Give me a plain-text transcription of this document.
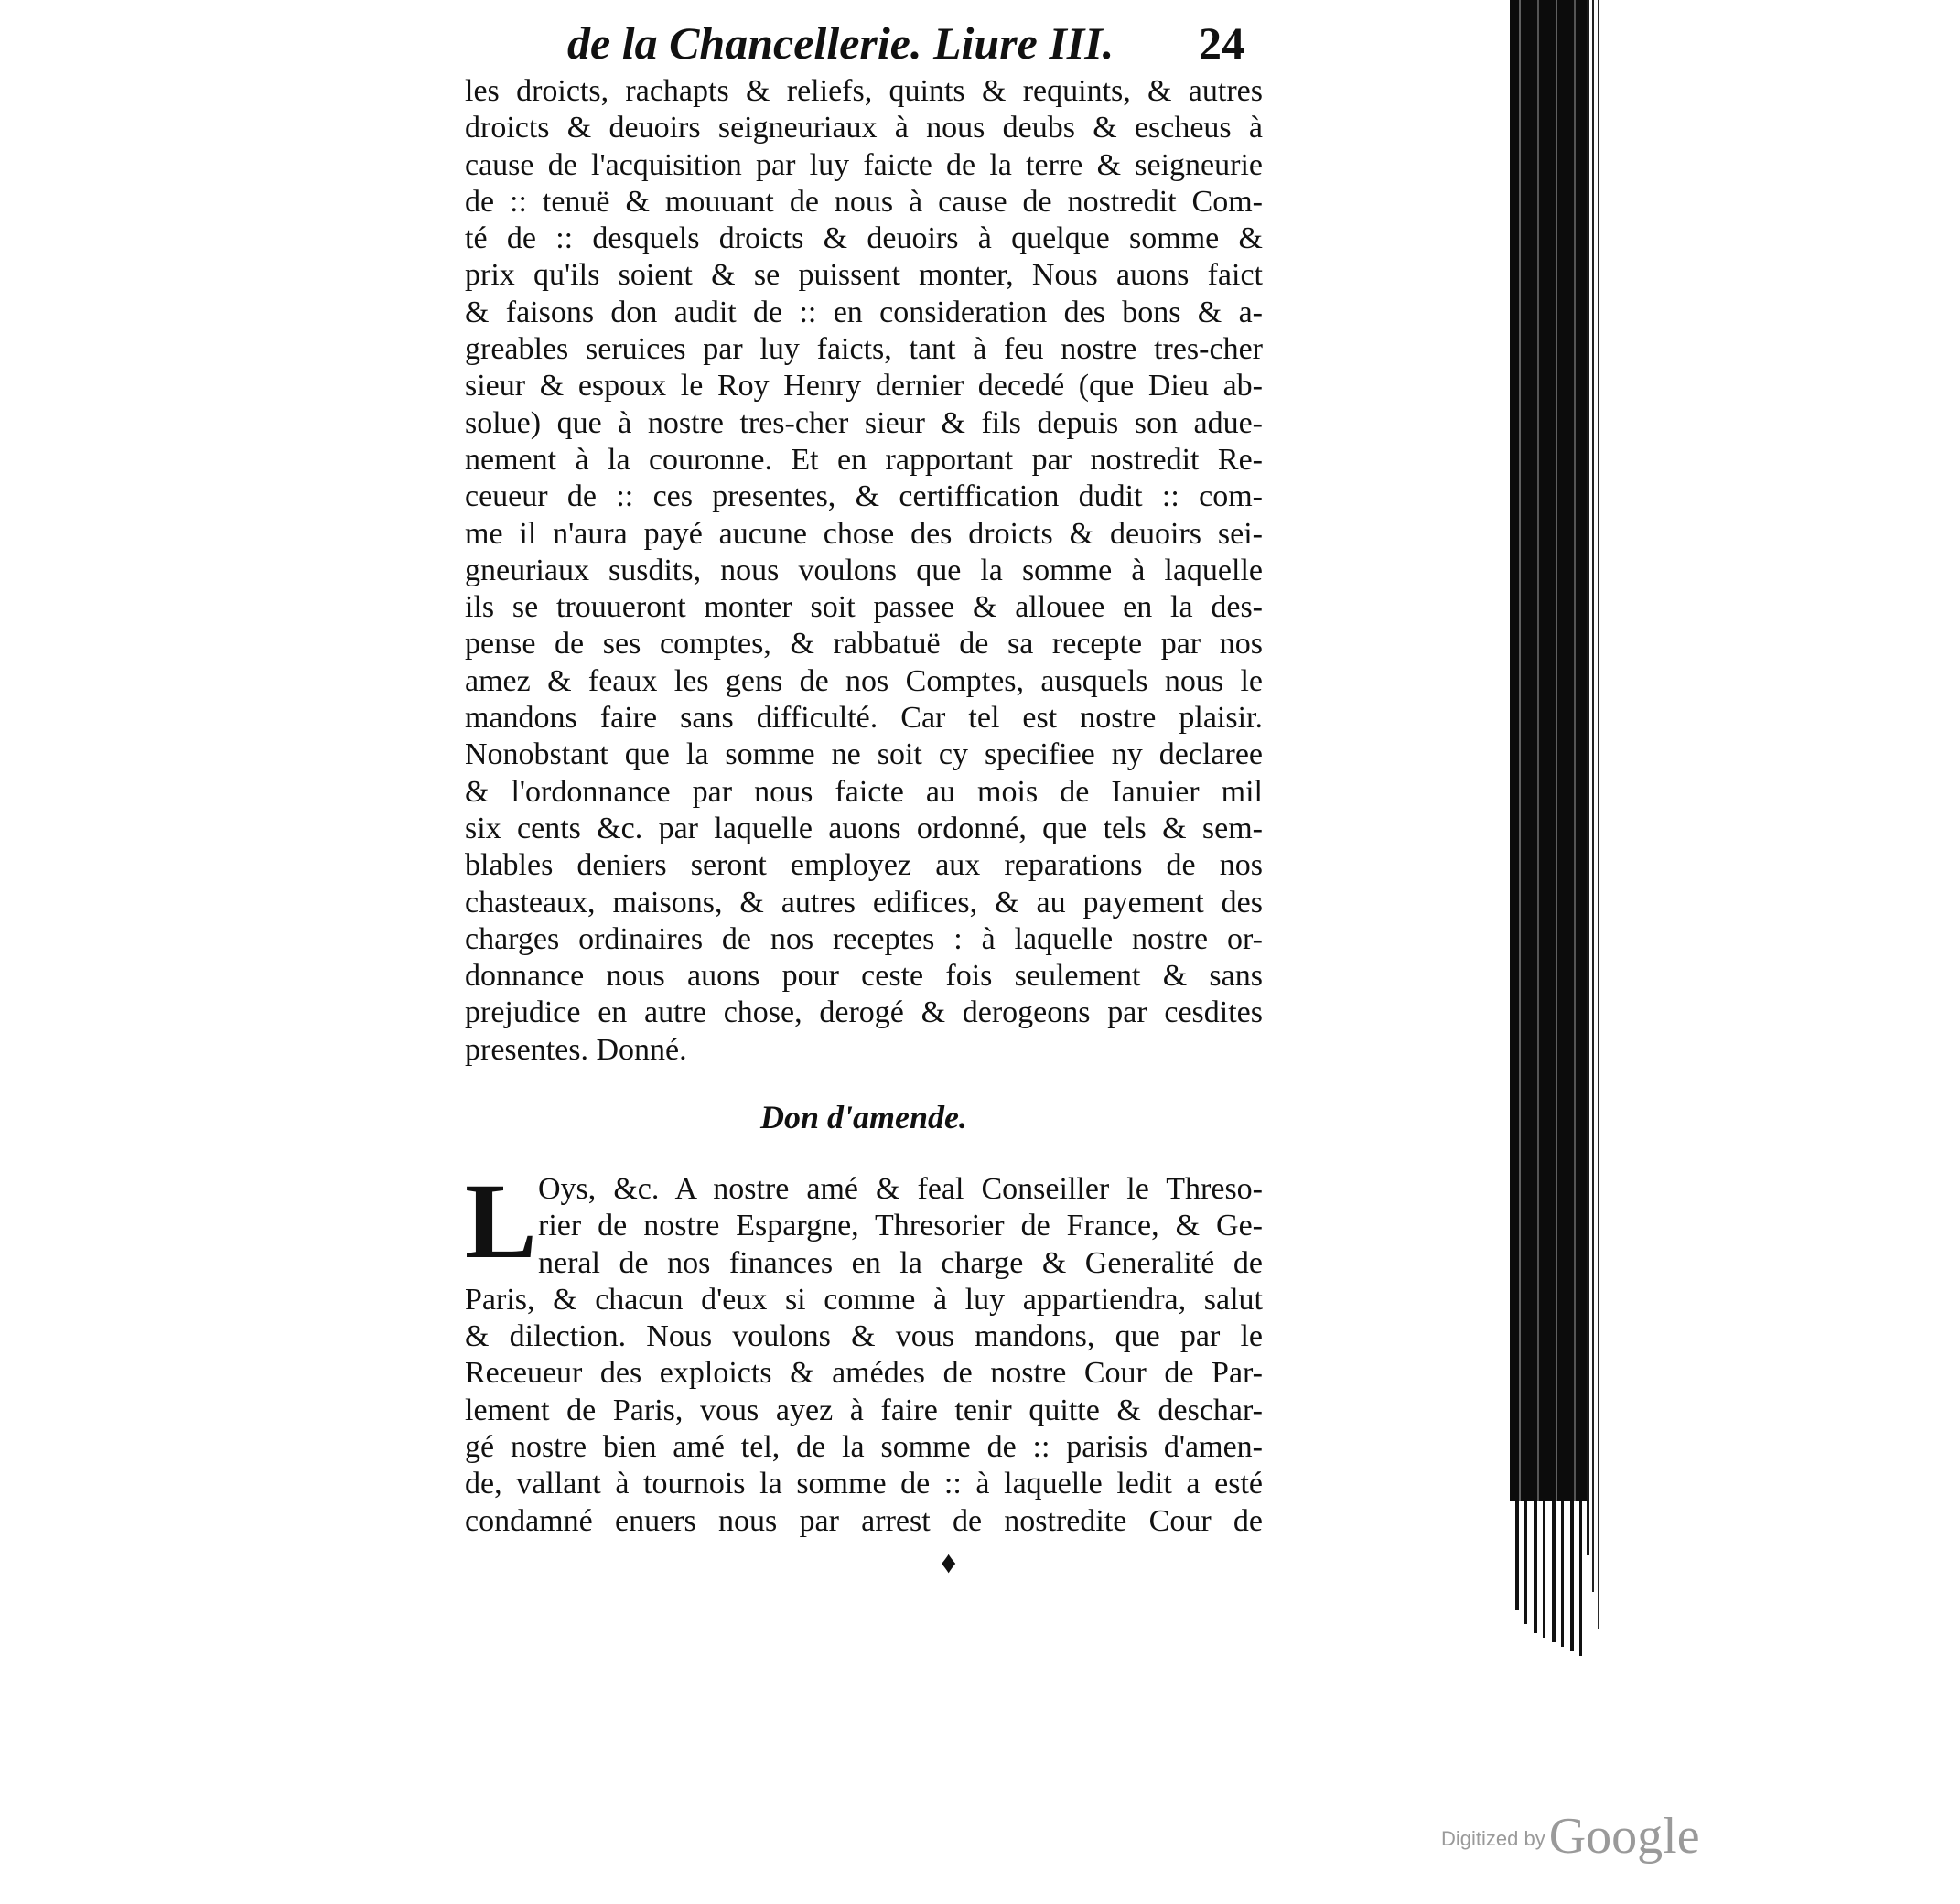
de la Chancellerie. Liure III. 24
les droicts, rachapts & reliefs, quints & requints, & autres
droicts & deuoirs seigneuriaux à nous deubs & escheus à
cause de l'acquisition par luy faicte de la terre & seigneurie
de :: tenuë & mouuant de nous à cause de nostredit Com-
té de :: desquels droicts & deuoirs à quelque somme &
prix qu'ils soient & se puissent monter, Nous auons faict
& faisons don audit de :: en consideration des bons & a-
greables seruices par luy faicts, tant à feu nostre tres-cher
sieur & espoux le Roy Henry dernier decedé (que Dieu ab-
solue) que à nostre tres-cher sieur & fils depuis son adue-
nement à la couronne. Et en rapportant par nostredit Re-
ceueur de :: ces presentes, & certiffication dudit :: com-
me il n'aura payé aucune chose des droicts & deuoirs sei-
gneuriaux susdits, nous voulons que la somme à laquelle
ils se trouueront monter soit passee & allouee en la des-
pense de ses comptes, & rabbatuë de sa recepte par nos
amez & feaux les gens de nos Comptes, ausquels nous le
mandons faire sans difficulté. Car tel est nostre plaisir.
Nonobstant que la somme ne soit cy specifiee ny declaree
& l'ordonnance par nous faicte au mois de Ianuier mil
six cents &c. par laquelle auons ordonné, que tels & sem-
blables deniers seront employez aux reparations de nos
chasteaux, maisons, & autres edifices, & au payement des
charges ordinaires de nos receptes : à laquelle nostre or-
donnance nous auons pour ceste fois seulement & sans
prejudice en autre chose, derogé & derogeons par cesdites
presentes. Donné.
Don d'amende.
L Oys, &c. A nostre amé & feal Conseiller le Threso-
rier de nostre Espargne, Thresorier de France, & Ge-
neral de nos finances en la charge & Generalité de
Paris, & chacun d'eux si comme à luy appartiendra, salut
& dilection. Nous voulons & vous mandons, que par le
Receueur des exploicts & amédes de nostre Cour de Par-
lement de Paris, vous ayez à faire tenir quitte & deschar-
gé nostre bien amé tel, de la somme de :: parisis d'amen-
de, vallant à tournois la somme de :: à laquelle ledit a esté
condamné enuers nous par arrest de nostredite Cour de
♦
Digitized by Google
